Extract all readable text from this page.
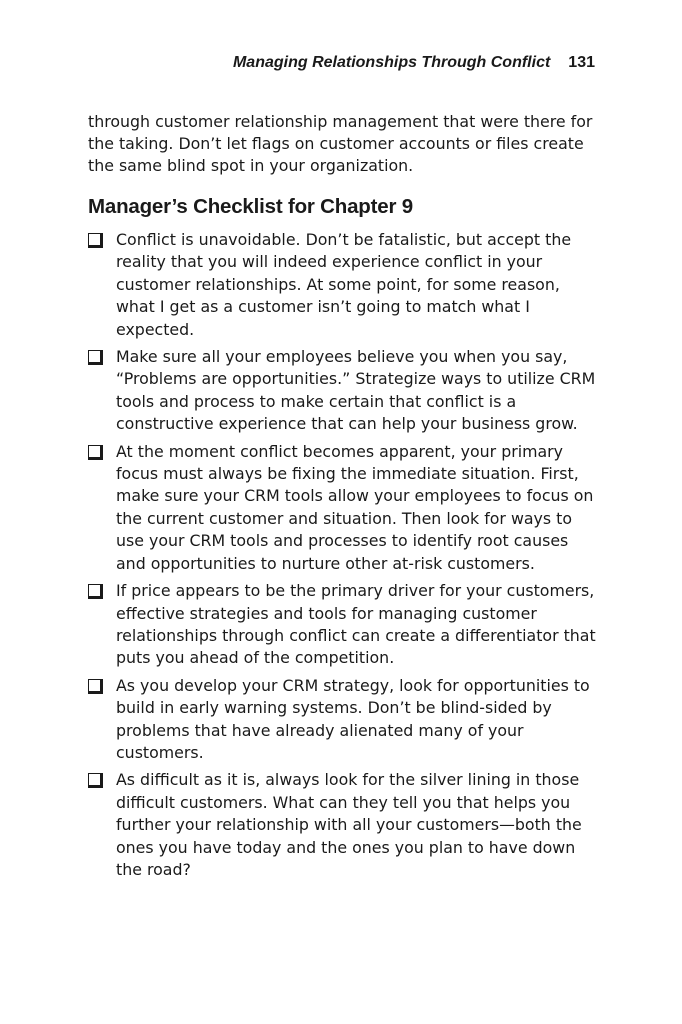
Managing Relationships Through Conflict 131

through customer relationship management that were there for the taking. Don’t let flags on customer accounts or files create the same blind spot in your organization.

Manager’s Checklist for Chapter 9
Conflict is unavoidable. Don’t be fatalistic, but accept the reality that you will indeed experience conflict in your customer relationships. At some point, for some reason, what I get as a customer isn’t going to match what I expected.
Make sure all your employees believe you when you say, “Problems are opportunities.” Strategize ways to utilize CRM tools and process to make certain that conflict is a constructive experience that can help your business grow.
At the moment conflict becomes apparent, your primary focus must always be fixing the immediate situation. First, make sure your CRM tools allow your employees to focus on the current customer and situation. Then look for ways to use your CRM tools and processes to identify root causes and opportunities to nurture other at-risk customers.
If price appears to be the primary driver for your customers, effective strategies and tools for managing customer relationships through conflict can create a differentiator that puts you ahead of the competition.
As you develop your CRM strategy, look for opportunities to build in early warning systems. Don’t be blind-sided by problems that have already alienated many of your customers.
As difficult as it is, always look for the silver lining in those difficult customers. What can they tell you that helps you further your relationship with all your customers—both the ones you have today and the ones you plan to have down the road?
